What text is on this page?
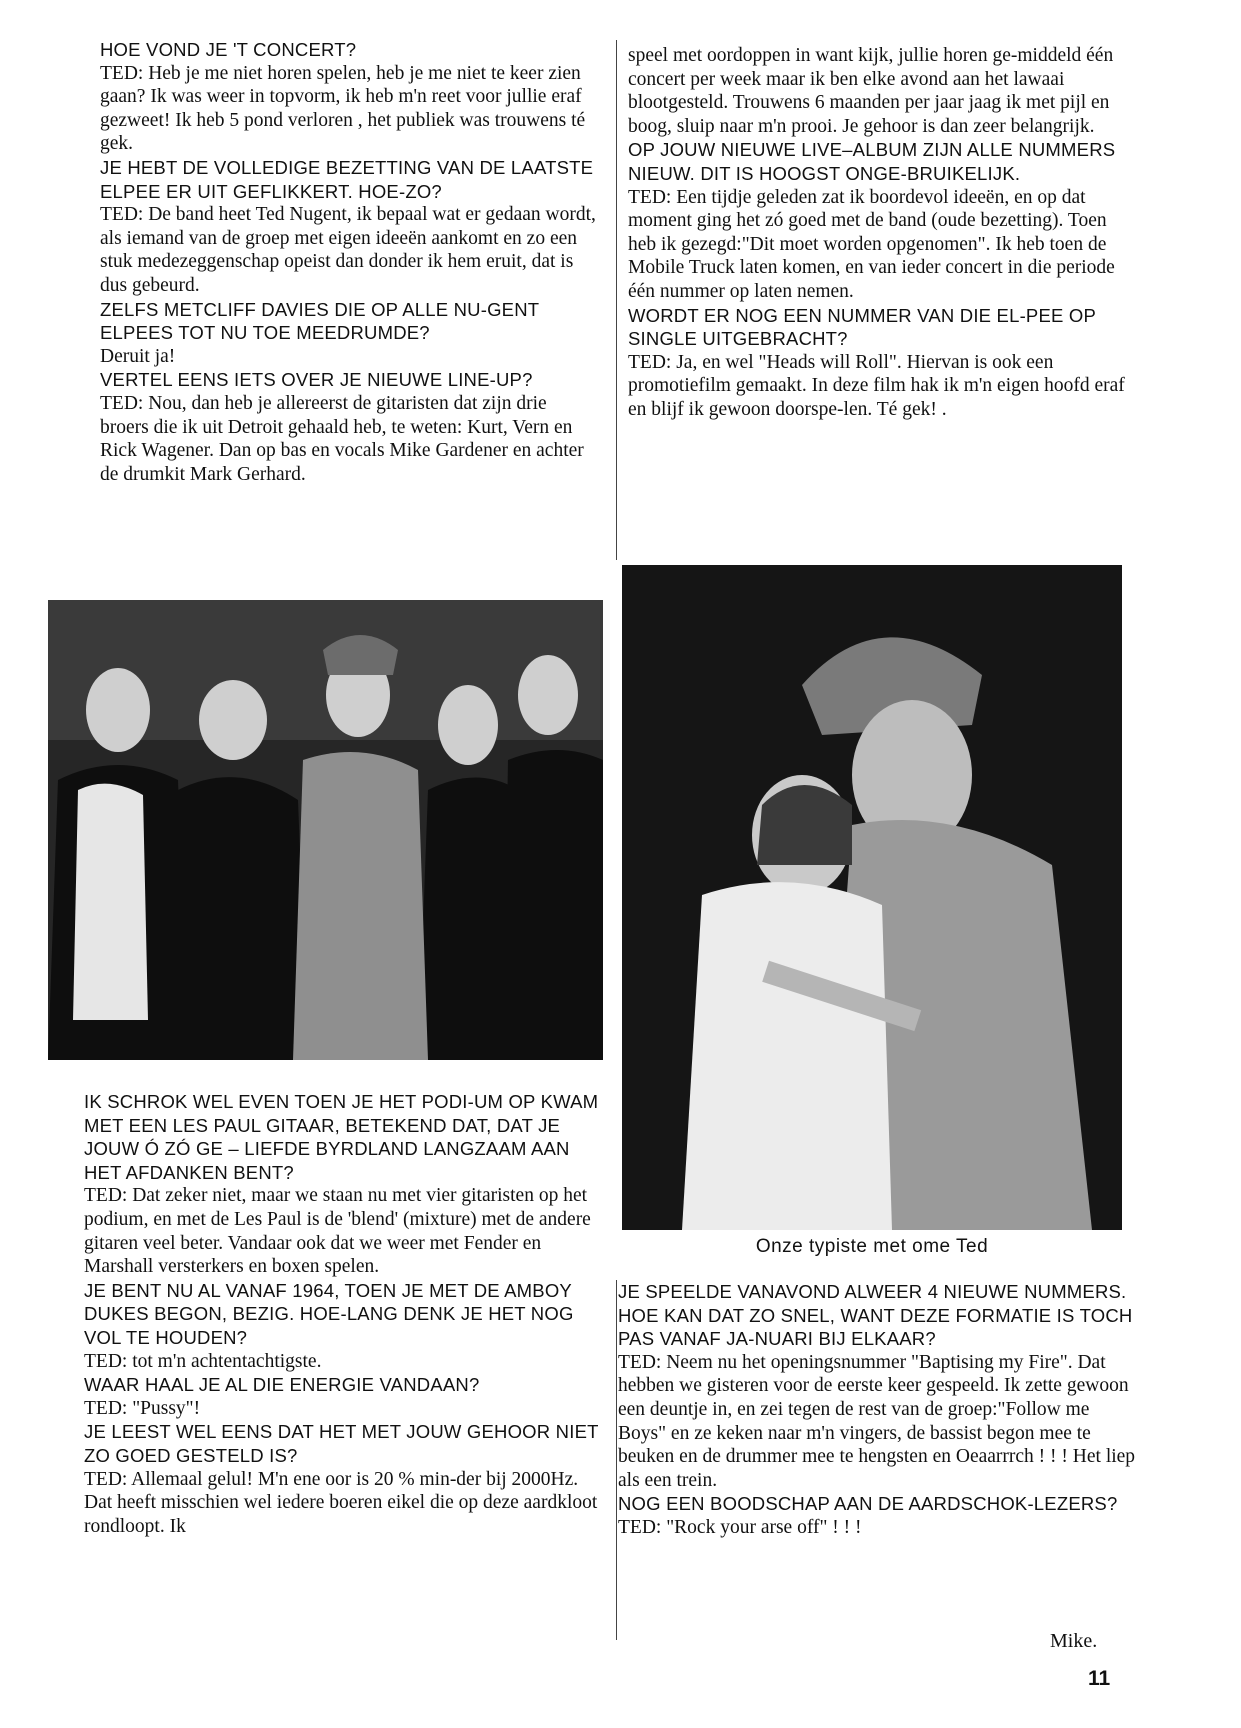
HOE VOND JE 'T CONCERT?

TED: Heb je me niet horen spelen, heb je me niet te keer zien gaan? Ik was weer in topvorm, ik heb m'n reet voor jullie eraf gezweet! Ik heb 5 pond verloren , het publiek was trouwens té gek.

JE HEBT DE VOLLEDIGE BEZETTING VAN DE LAATSTE ELPEE ER UIT GEFLIKKERT. HOE-ZO?

TED: De band heet Ted Nugent, ik bepaal wat er gedaan wordt, als iemand van de groep met eigen ideeën aankomt en zo een stuk medezeggenschap opeist dan donder ik hem eruit, dat is dus gebeurd.

ZELFS METCLIFF DAVIES DIE OP ALLE NU-GENT ELPEES TOT NU TOE MEEDRUMDE?

Deruit ja!

VERTEL EENS IETS OVER JE NIEUWE LINE-UP?

TED: Nou, dan heb je allereerst de gitaristen dat zijn drie broers die ik uit Detroit gehaald heb, te weten: Kurt, Vern en Rick Wagener. Dan op bas en vocals Mike Gardener en achter de drumkit Mark Gerhard.

speel met oordoppen in want kijk, jullie horen ge-middeld één concert per week maar ik ben elke avond aan het lawaai blootgesteld. Trouwens 6 maanden per jaar jaag ik met pijl en boog, sluip naar m'n prooi. Je gehoor is dan zeer belangrijk.

OP JOUW NIEUWE LIVE–ALBUM ZIJN ALLE NUMMERS NIEUW. DIT IS HOOGST ONGE-BRUIKELIJK.

TED: Een tijdje geleden zat ik boordevol ideeën, en op dat moment ging het zó goed met de band (oude bezetting). Toen heb ik gezegd:"Dit moet worden opgenomen". Ik heb toen de Mobile Truck laten komen, en van ieder concert in die periode één nummer op laten nemen.

WORDT ER NOG EEN NUMMER VAN DIE EL-PEE OP SINGLE UITGEBRACHT?

TED: Ja, en wel "Heads will Roll". Hiervan is ook een promotiefilm gemaakt. In deze film hak ik m'n eigen hoofd eraf en blijf ik gewoon doorspe-len. Té gek! .

Onze typiste met ome Ted

IK SCHROK WEL EVEN TOEN JE HET PODI-UM OP KWAM MET EEN LES PAUL GITAAR, BETEKEND DAT, DAT JE JOUW Ó ZÓ GE – LIEFDE BYRDLAND LANGZAAM AAN HET AFDANKEN BENT?

TED: Dat zeker niet, maar we staan nu met vier gitaristen op het podium, en met de Les Paul is de 'blend' (mixture) met de andere gitaren veel beter. Vandaar ook dat we weer met Fender en Marshall versterkers en boxen spelen.

JE BENT NU AL VANAF 1964, TOEN JE MET DE AMBOY DUKES BEGON, BEZIG. HOE-LANG DENK JE HET NOG VOL TE HOUDEN?

TED: tot m'n achtentachtigste.

WAAR HAAL JE AL DIE ENERGIE VANDAAN?

TED: "Pussy"!

JE LEEST WEL EENS DAT HET MET JOUW GEHOOR NIET ZO GOED GESTELD IS?

TED: Allemaal gelul! M'n ene oor is 20 % min-der bij 2000Hz. Dat heeft misschien wel iedere boeren eikel die op deze aardkloot rondloopt. Ik

JE SPEELDE VANAVOND ALWEER 4 NIEUWE NUMMERS. HOE KAN DAT ZO SNEL, WANT DEZE FORMATIE IS TOCH PAS VANAF JA-NUARI BIJ ELKAAR?

TED: Neem nu het openingsnummer "Baptising my Fire". Dat hebben we gisteren voor de eerste keer gespeeld. Ik zette gewoon een deuntje in, en zei tegen de rest van de groep:"Follow me Boys" en ze keken naar m'n vingers, de bassist begon mee te beuken en de drummer mee te hengsten en Oeaarrrch ! ! ! Het liep als een trein.

NOG EEN BOODSCHAP AAN DE AARDSCHOK-LEZERS?

TED: "Rock your arse off" ! ! !

Mike.
11
